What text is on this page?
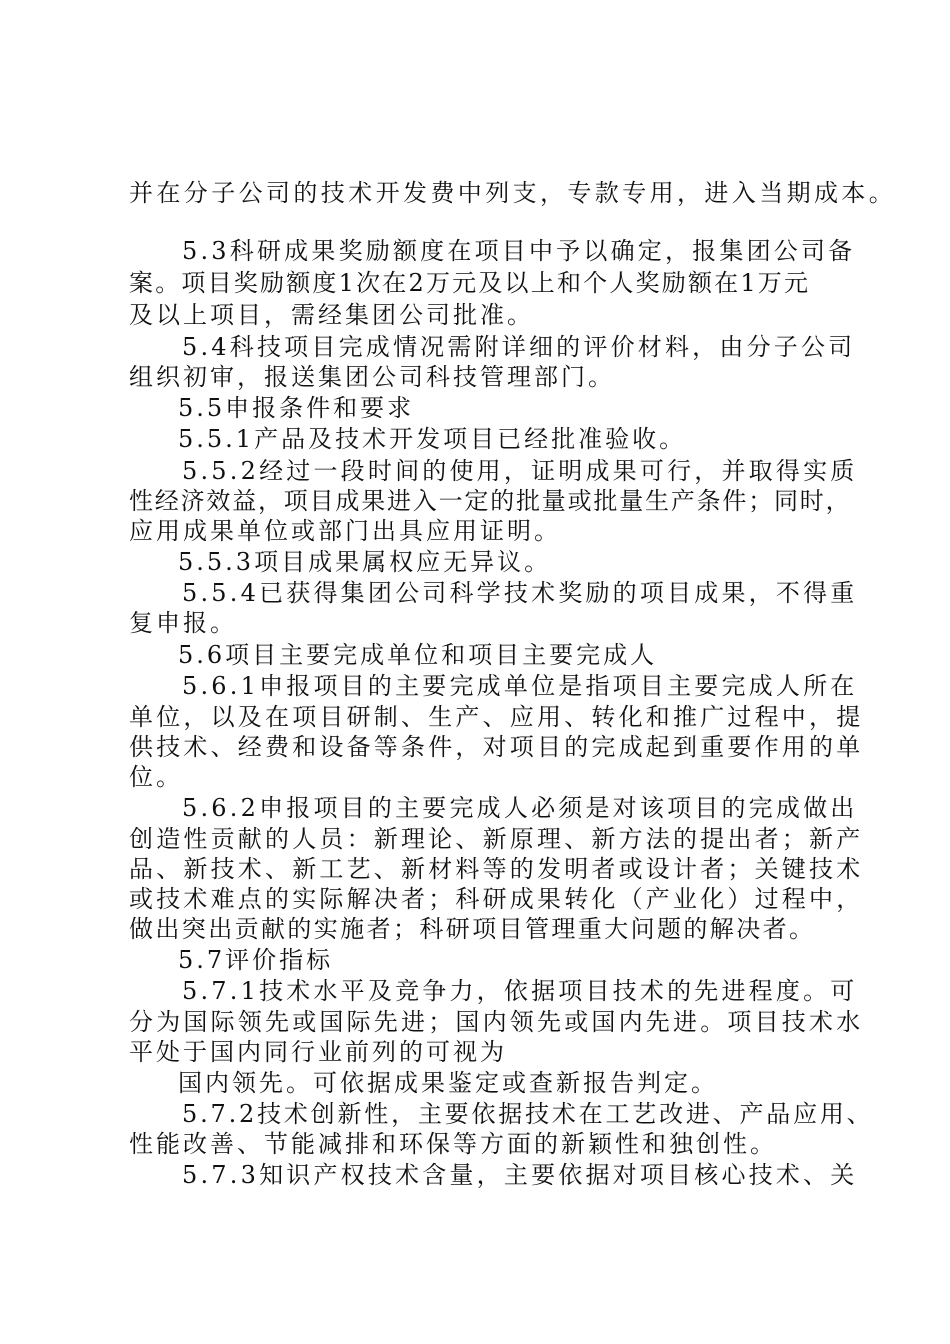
并在分子公司的技术开发费中列支，专款专用，进入当期成本。
5.3科研成果奖励额度在项目中予以确定，报集团公司备
案。项目奖励额度1次在2万元及以上和个人奖励额在1万元
及以上项目，需经集团公司批准。
5.4科技项目完成情况需附详细的评价材料，由分子公司
组织初审，报送集团公司科技管理部门。
5.5申报条件和要求
5.5.1产品及技术开发项目已经批准验收。
5.5.2经过一段时间的使用，证明成果可行，并取得实质
性经济效益，项目成果进入一定的批量或批量生产条件；同时，
应用成果单位或部门出具应用证明。
5.5.3项目成果属权应无异议。
5.5.4已获得集团公司科学技术奖励的项目成果，不得重
复申报。
5.6项目主要完成单位和项目主要完成人
5.6.1申报项目的主要完成单位是指项目主要完成人所在
单位，以及在项目研制、生产、应用、转化和推广过程中，提
供技术、经费和设备等条件，对项目的完成起到重要作用的单
位。
5.6.2申报项目的主要完成人必须是对该项目的完成做出
创造性贡献的人员：新理论、新原理、新方法的提出者；新产
品、新技术、新工艺、新材料等的发明者或设计者；关键技术
或技术难点的实际解决者；科研成果转化（产业化）过程中，
做出突出贡献的实施者；科研项目管理重大问题的解决者。
5.7评价指标
5.7.1技术水平及竞争力，依据项目技术的先进程度。可
分为国际领先或国际先进；国内领先或国内先进。项目技术水
平处于国内同行业前列的可视为
国内领先。可依据成果鉴定或查新报告判定。
5.7.2技术创新性，主要依据技术在工艺改进、产品应用、
性能改善、节能减排和环保等方面的新颖性和独创性。
5.7.3知识产权技术含量，主要依据对项目核心技术、关
